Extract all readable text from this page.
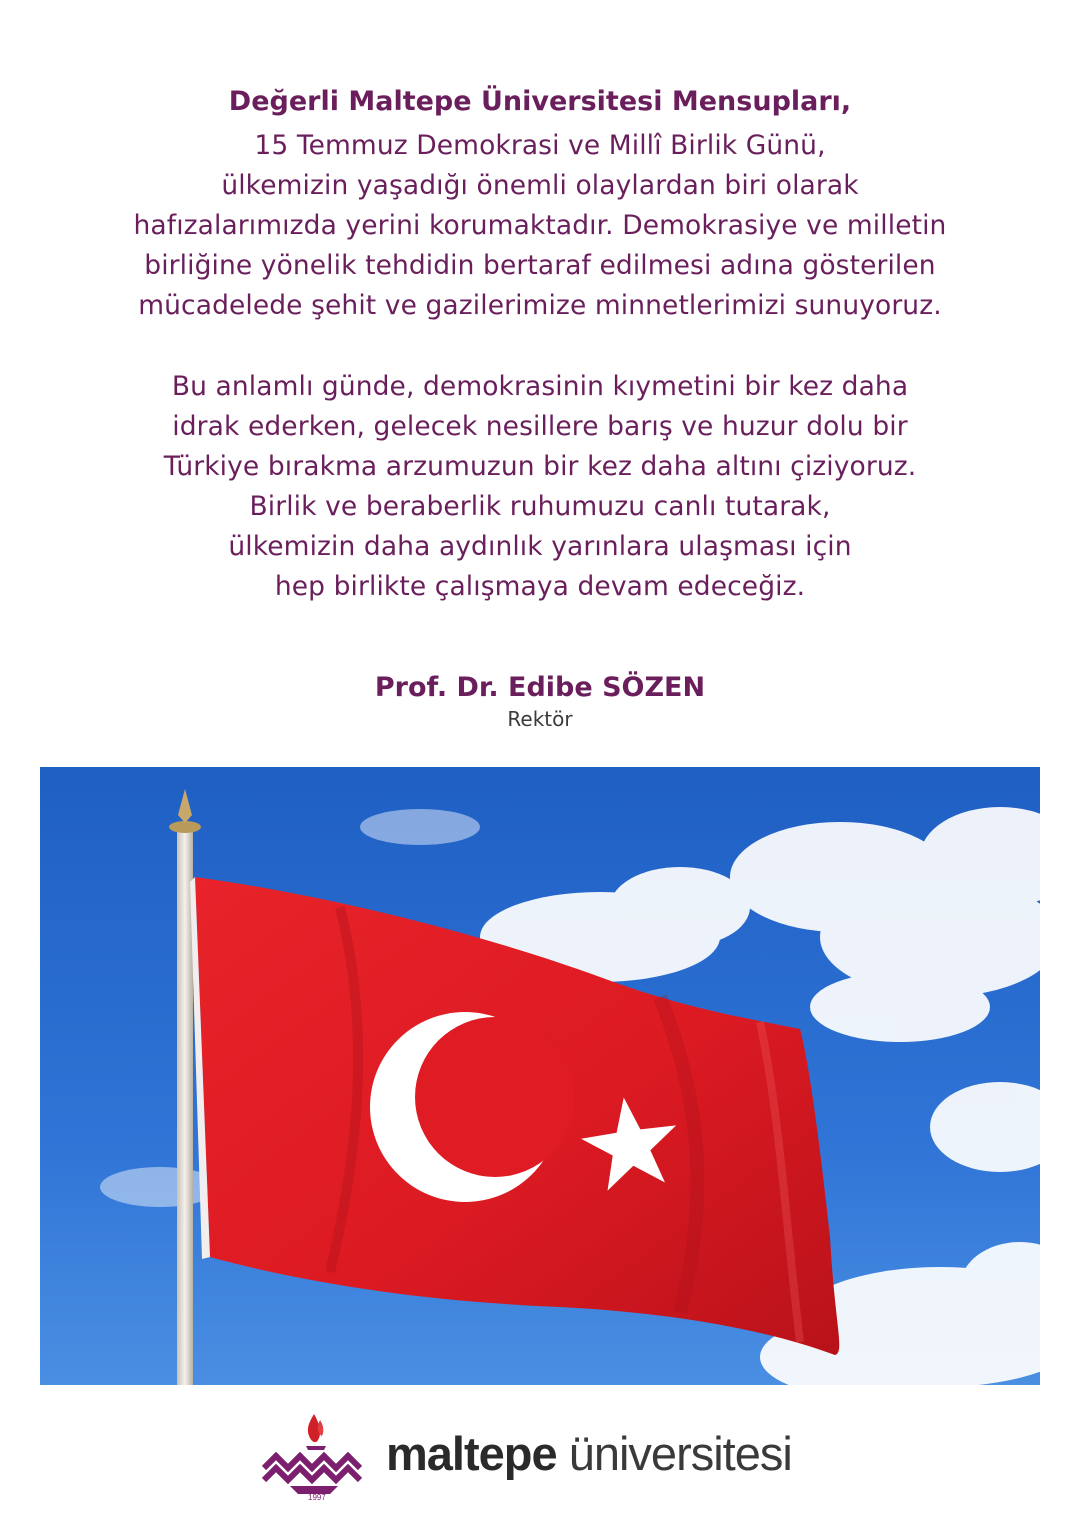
Değerli Maltepe Üniversitesi Mensupları,
15 Temmuz Demokrasi ve Millî Birlik Günü,
ülkemizin yaşadığı önemli olaylardan biri olarak
hafızalarımızda yerini korumaktadır. Demokrasiye ve milletin
birliğine yönelik tehdidin bertaraf edilmesi adına gösterilen
mücadelede şehit ve gazilerimize minnetlerimizi sunuyoruz.
Bu anlamlı günde, demokrasinin kıymetini bir kez daha
idrak ederken, gelecek nesillere barış ve huzur dolu bir
Türkiye bırakma arzumuzun bir kez daha altını çiziyoruz.
Birlik ve beraberlik ruhumuzu canlı tutarak,
ülkemizin daha aydınlık yarınlara ulaşması için
hep birlikte çalışmaya devam edeceğiz.
Prof. Dr. Edibe SÖZEN
Rektör
1997
maltepe üniversitesi
